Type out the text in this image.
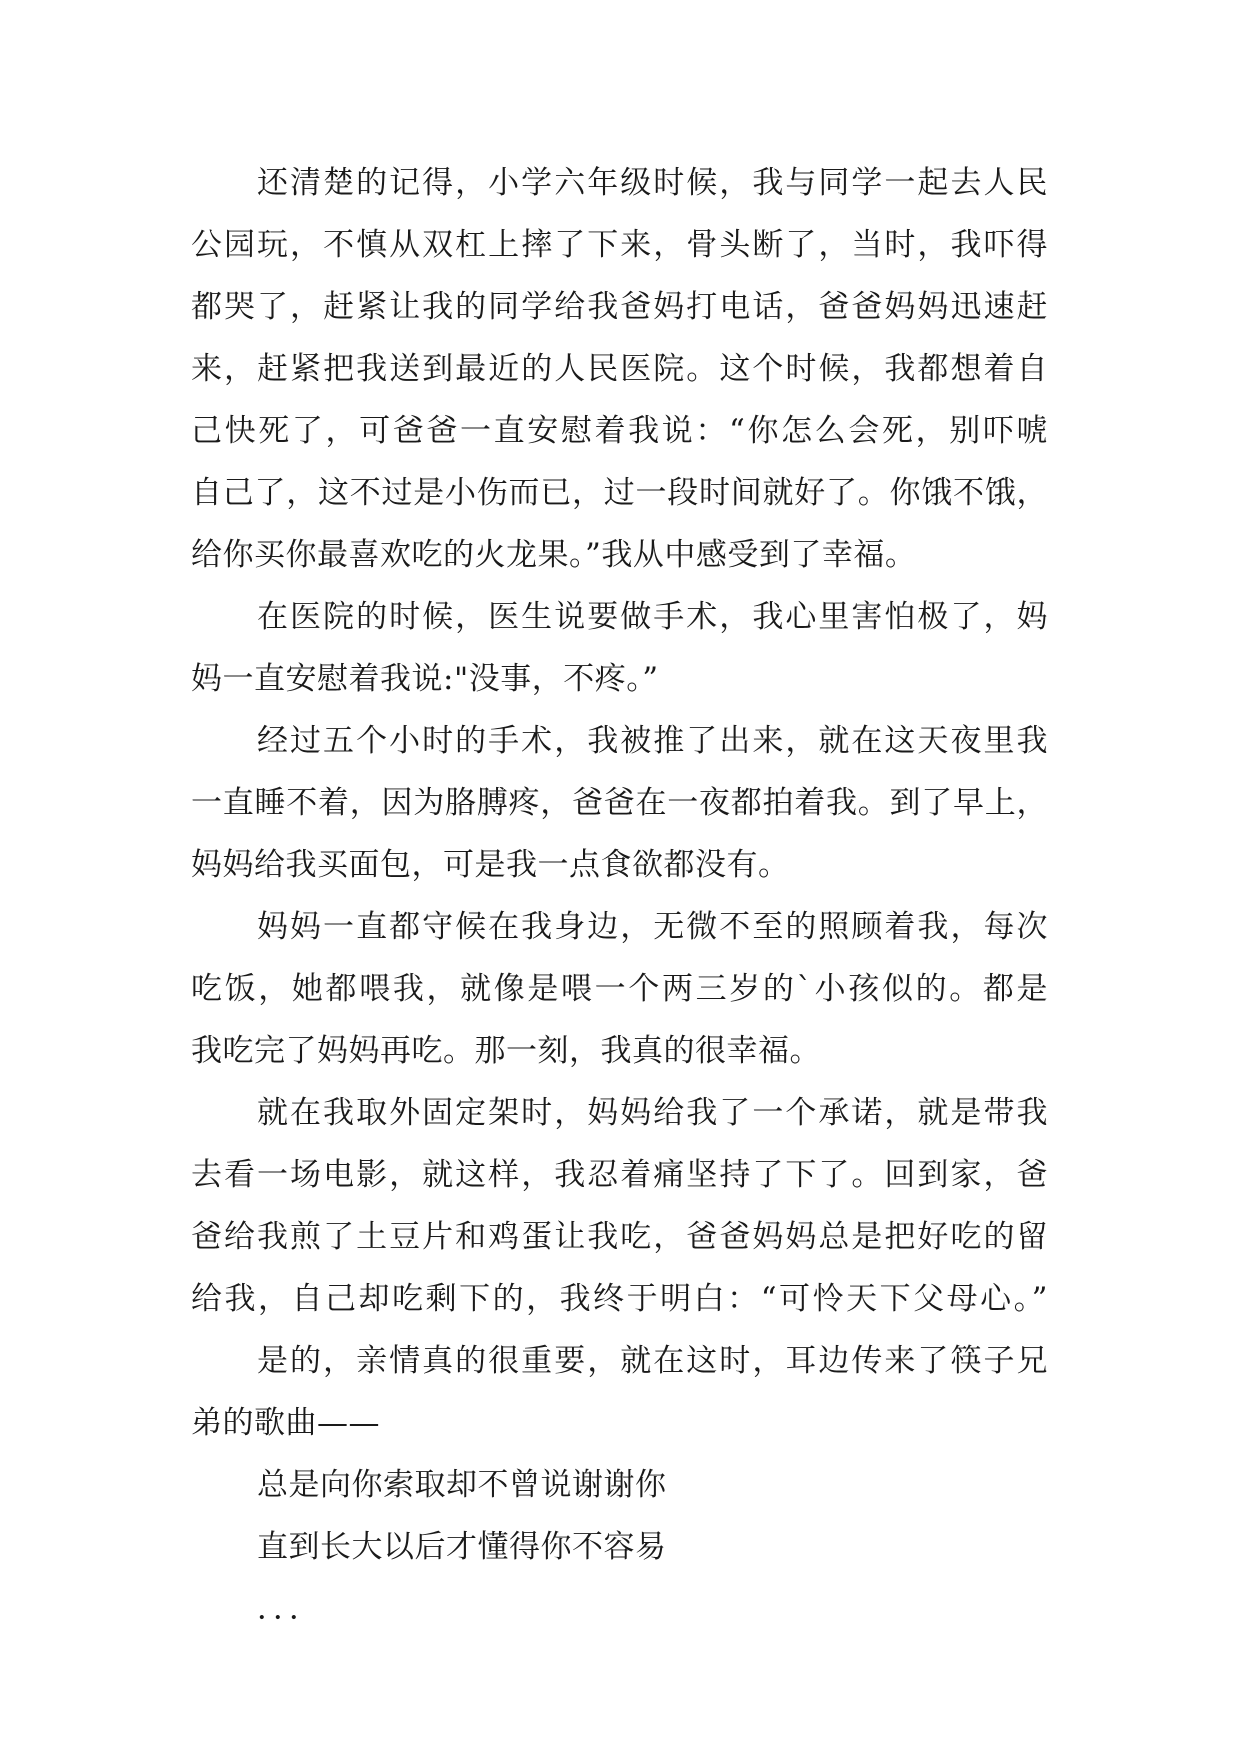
还清楚的记得，小学六年级时候，我与同学一起去人民
公园玩，不慎从双杠上摔了下来，骨头断了，当时，我吓得
都哭了，赶紧让我的同学给我爸妈打电话，爸爸妈妈迅速赶
来，赶紧把我送到最近的人民医院。这个时候，我都想着自
己快死了，可爸爸一直安慰着我说：“你怎么会死，别吓唬
自己了，这不过是小伤而已，过一段时间就好了。你饿不饿，
给你买你最喜欢吃的火龙果。”我从中感受到了幸福。
在医院的时候，医生说要做手术，我心里害怕极了，妈
妈一直安慰着我说:"没事，不疼。”
经过五个小时的手术，我被推了出来，就在这天夜里我
一直睡不着，因为胳膊疼，爸爸在一夜都拍着我。到了早上，
妈妈给我买面包，可是我一点食欲都没有。
妈妈一直都守候在我身边，无微不至的照顾着我，每次
吃饭，她都喂我，就像是喂一个两三岁的`小孩似的。都是
我吃完了妈妈再吃。那一刻，我真的很幸福。
就在我取外固定架时，妈妈给我了一个承诺，就是带我
去看一场电影，就这样，我忍着痛坚持了下了。回到家，爸
爸给我煎了土豆片和鸡蛋让我吃，爸爸妈妈总是把好吃的留
给我，自己却吃剩下的，我终于明白：“可怜天下父母心。”
是的，亲情真的很重要，就在这时，耳边传来了筷子兄
弟的歌曲——
总是向你索取却不曾说谢谢你
直到长大以后才懂得你不容易
．．．
